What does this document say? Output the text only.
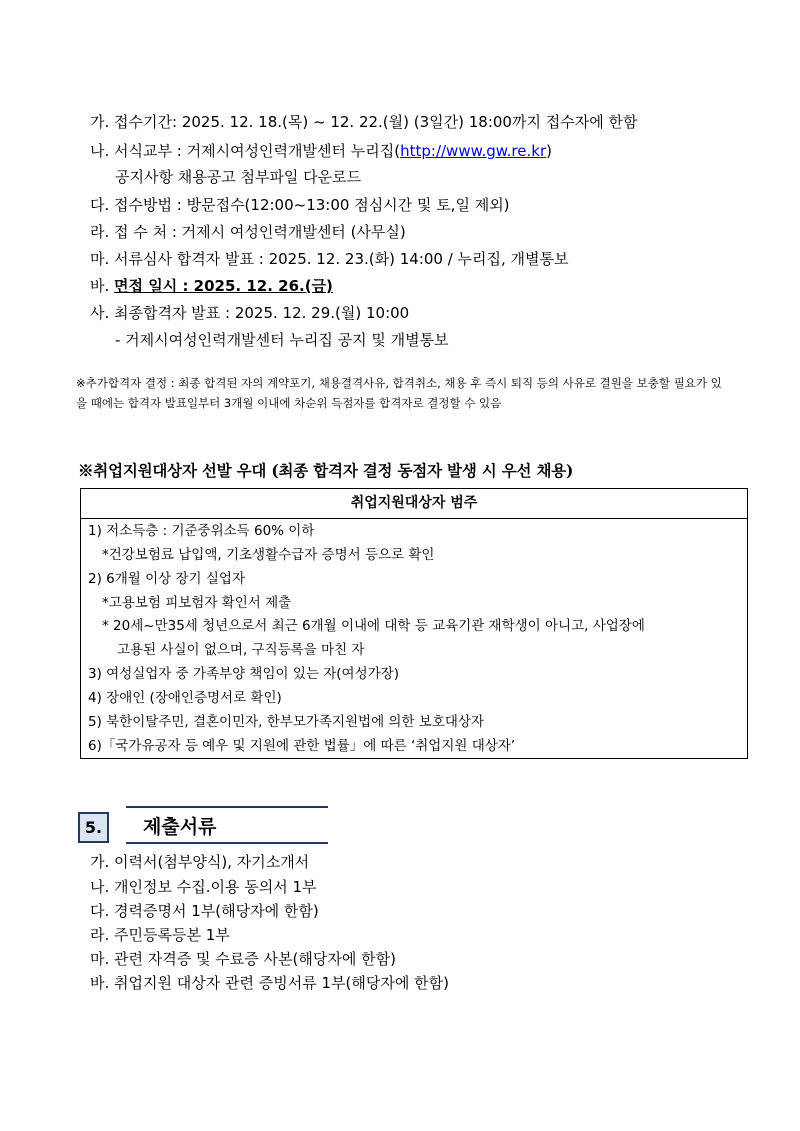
가. 접수기간: 2025. 12. 18.(목) ~ 12. 22.(월) (3일간) 18:00까지 접수자에 한함
나. 서식교부 : 거제시여성인력개발센터 누리집(http://www.gw.re.kr)
공지사항 채용공고 첨부파일 다운로드
다. 접수방법 : 방문접수(12:00~13:00 점심시간 및 토,일 제외)
라. 접 수 처 : 거제시 여성인력개발센터 (사무실)
마. 서류심사 합격자 발표 : 2025. 12. 23.(화) 14:00 / 누리집, 개별통보
바. 면접 일시 : 2025. 12. 26.(금)
사. 최종합격자 발표 : 2025. 12. 29.(월) 10:00
- 거제시여성인력개발센터 누리집 공지 및 개별통보
※추가합격자 결정 : 최종 합격된 자의 계약포기, 채용결격사유, 합격취소, 채용 후 즉시 퇴직 등의 사유로 결원을 보충할 필요가 있을 때에는 합격자 발표일부터 3개월 이내에 차순위 득점자를 합격자로 결정할 수 있음
※취업지원대상자 선발 우대 (최종 합격자 결정 동점자 발생 시 우선 채용)
취업지원대상자 범주
1) 저소득층 : 기준중위소득 60% 이하
*건강보험료 납입액, 기초생활수급자 증명서 등으로 확인
2) 6개월 이상 장기 실업자
*고용보험 피보험자 확인서 제출
* 20세~만35세 청년으로서 최근 6개월 이내에 대학 등 교육기관 재학생이 아니고, 사업장에
고용된 사실이 없으며, 구직등록을 마친 자
3) 여성실업자 중 가족부양 책임이 있는 자(여성가장)
4) 장애인 (장애인증명서로 확인)
5) 북한이탈주민, 결혼이민자, 한부모가족지원법에 의한 보호대상자
6)「국가유공자 등 예우 및 지원에 관한 법률」에 따른 ‘취업지원 대상자’
5.	제출서류
가. 이력서(첨부양식), 자기소개서
나. 개인정보 수집.이용 동의서 1부
다. 경력증명서 1부(해당자에 한함)
라. 주민등록등본 1부
마. 관련 자격증 및 수료증 사본(해당자에 한함)
바. 취업지원 대상자 관련 증빙서류 1부(해당자에 한함)
